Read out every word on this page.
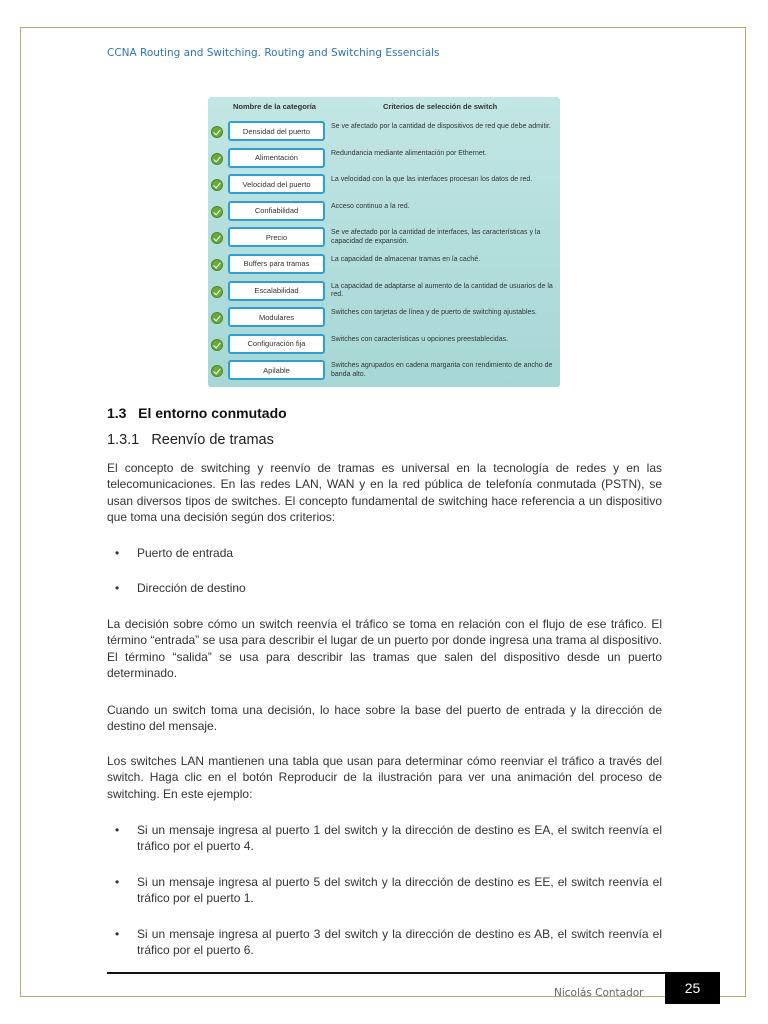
CCNA Routing and Switching. Routing and Switching Essencials
Nombre de la categoría	Criterios de selección de switch
Densidad del puerto	Se ve afectado por la cantidad de dispositivos de red que debe admitir.
Alimentación	Redundancia mediante alimentación por Ethernet.
Velocidad del puerto	La velocidad con la que las interfaces procesan los datos de red.
Confiabilidad	Acceso continuo a la red.
Precio	Se ve afectado por la cantidad de interfaces, las características y la capacidad de expansión.
Buffers para tramas	La capacidad de almacenar tramas en la caché.
Escalabilidad	La capacidad de adaptarse al aumento de la cantidad de usuarios de la red.
Modulares	Switches con tarjetas de línea y de puerto de switching ajustables.
Configuración fija	Switches con características u opciones preestablecidas.
Apilable	Switches agrupados en cadena margarita con rendimiento de ancho de banda alto.
1.3   El entorno conmutado
1.3.1   Reenvío de tramas

El concepto de switching y reenvío de tramas es universal en la tecnología de redes y en las telecomunicaciones. En las redes LAN, WAN y en la red pública de telefonía conmutada (PSTN), se usan diversos tipos de switches. El concepto fundamental de switching hace referencia a un dispositivo que toma una decisión según dos criterios:

• Puerto de entrada
• Dirección de destino

La decisión sobre cómo un switch reenvía el tráfico se toma en relación con el flujo de ese tráfico. El término “entrada” se usa para describir el lugar de un puerto por donde ingresa una trama al dispositivo. El término “salida” se usa para describir las tramas que salen del dispositivo desde un puerto determinado.

Cuando un switch toma una decisión, lo hace sobre la base del puerto de entrada y la dirección de destino del mensaje.

Los switches LAN mantienen una tabla que usan para determinar cómo reenviar el tráfico a través del switch. Haga clic en el botón Reproducir de la ilustración para ver una animación del proceso de switching. En este ejemplo:

• Si un mensaje ingresa al puerto 1 del switch y la dirección de destino es EA, el switch reenvía el tráfico por el puerto 4.
• Si un mensaje ingresa al puerto 5 del switch y la dirección de destino es EE, el switch reenvía el tráfico por el puerto 1.
• Si un mensaje ingresa al puerto 3 del switch y la dirección de destino es AB, el switch reenvía el tráfico por el puerto 6.
Nicolás Contador	25
